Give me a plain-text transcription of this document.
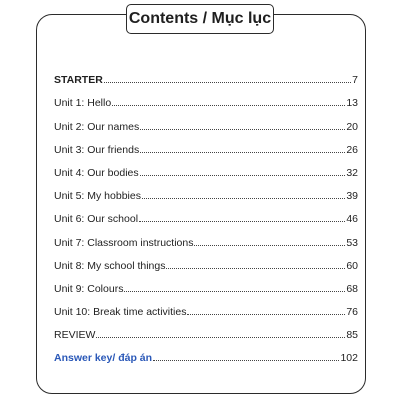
Contents / Mục lục
STARTER	7
Unit 1: Hello	13
Unit 2: Our names	20
Unit 3: Our friends	26
Unit 4: Our bodies	32
Unit 5: My hobbies	39
Unit 6: Our school	46
Unit 7: Classroom instructions	53
Unit 8: My school things	60
Unit 9: Colours	68
Unit 10: Break time activities	76
REVIEW	85
Answer key/ đáp án	102
